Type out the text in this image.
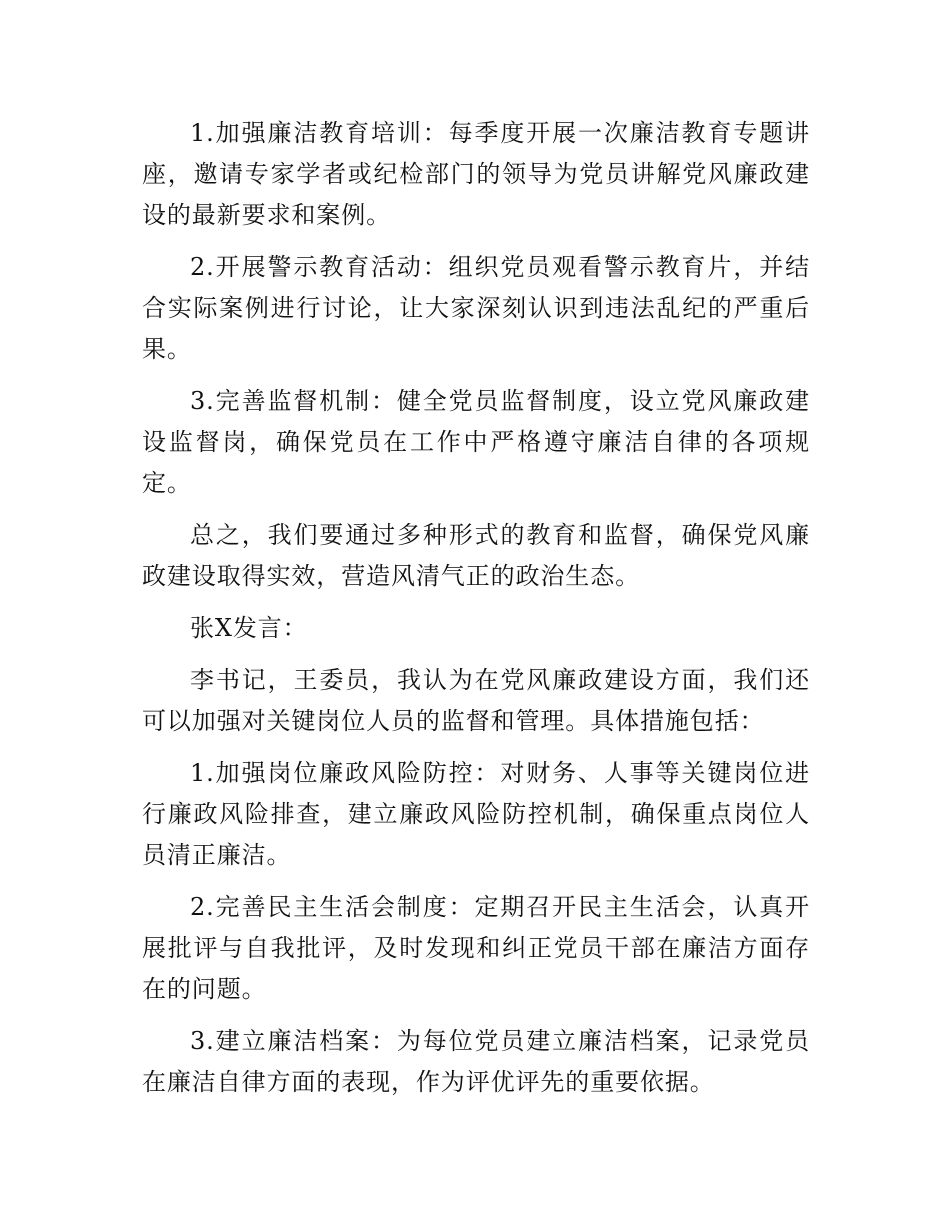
1.加强廉洁教育培训：每季度开展一次廉洁教育专题讲座，邀请专家学者或纪检部门的领导为党员讲解党风廉政建设的最新要求和案例。

2.开展警示教育活动：组织党员观看警示教育片，并结合实际案例进行讨论，让大家深刻认识到违法乱纪的严重后果。

3.完善监督机制：健全党员监督制度，设立党风廉政建设监督岗，确保党员在工作中严格遵守廉洁自律的各项规定。

总之，我们要通过多种形式的教育和监督，确保党风廉政建设取得实效，营造风清气正的政治生态。

张X发言：

李书记，王委员，我认为在党风廉政建设方面，我们还可以加强对关键岗位人员的监督和管理。具体措施包括：

1.加强岗位廉政风险防控：对财务、人事等关键岗位进行廉政风险排查，建立廉政风险防控机制，确保重点岗位人员清正廉洁。

2.完善民主生活会制度：定期召开民主生活会，认真开展批评与自我批评，及时发现和纠正党员干部在廉洁方面存在的问题。

3.建立廉洁档案：为每位党员建立廉洁档案，记录党员在廉洁自律方面的表现，作为评优评先的重要依据。
